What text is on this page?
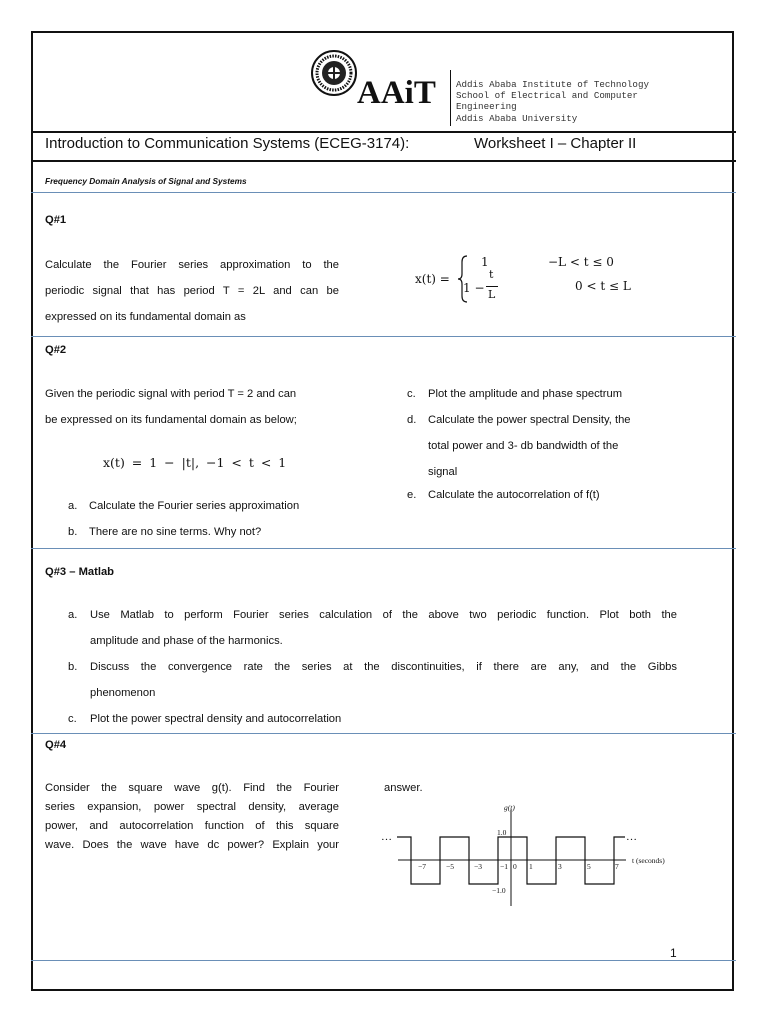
AAiT Addis Ababa Institute of Technology
School of Electrical and Computer
Engineering
Addis Ababa University
Introduction to Communication Systems (ECEG-3174):	Worksheet I – Chapter II
Frequency Domain Analysis of Signal and Systems
Q#1
Calculate the Fourier series approximation to the
periodic signal that has period T = 2L and can be
expressed on its fundamental domain as
x(t) =
1	−L < t ≤ 0
1 −
t
L
0 < t ≤ L
Q#2
Given the periodic signal with period T = 2 and can
be expressed on its fundamental domain as below;
x(t) = 1 − |t|, −1 < t < 1
a. Calculate the Fourier series approximation
b. There are no sine terms. Why not?
c. Plot the amplitude and phase spectrum
d. Calculate the power spectral Density, the
total power and 3- db bandwidth of the
signal
e. Calculate the autocorrelation of f(t)
Q#3 – Matlab
a. Use Matlab to perform Fourier series calculation of the above two periodic function. Plot both the
amplitude and phase of the harmonics.
b. Discuss the convergence rate the series at the discontinuities, if there are any, and the Gibbs
phenomenon
c. Plot the power spectral density and autocorrelation
Q#4
Consider the square wave g(t). Find the Fourier
series expansion, power spectral density, average
power, and autocorrelation function of this square
wave. Does the wave have dc power? Explain your
answer.
−7	−5	−3 −1 0 1	3	5	7
1.0
−1.0
g(t)
t (seconds)
…	…
1
